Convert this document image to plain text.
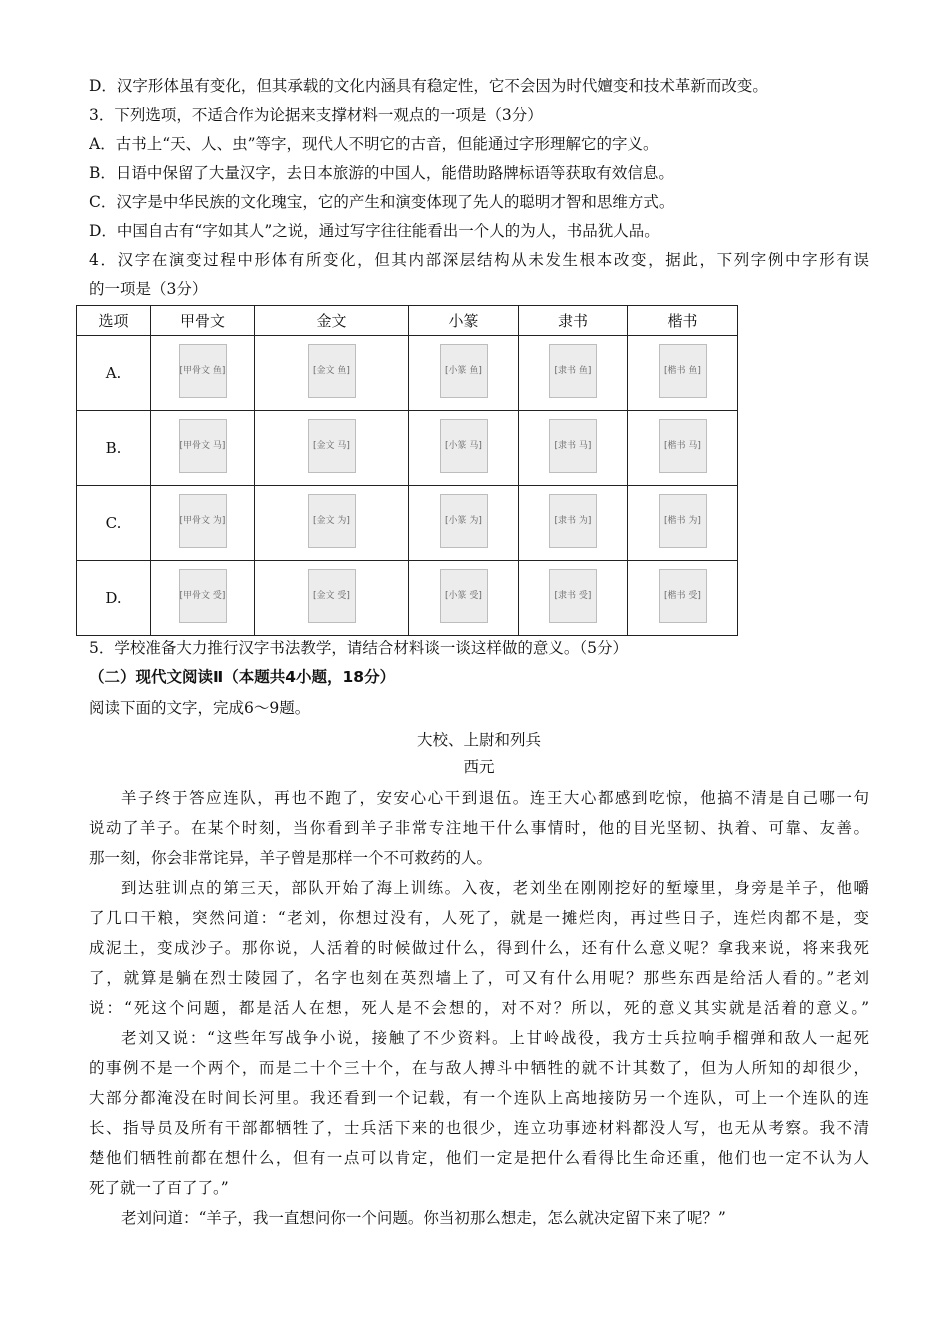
D．汉字形体虽有变化，但其承载的文化内涵具有稳定性，它不会因为时代嬗变和技术革新而改变。
3．下列选项，不适合作为论据来支撑材料一观点的一项是（3分）
A．古书上“天、人、虫”等字，现代人不明它的古音，但能通过字形理解它的字义。
B．日语中保留了大量汉字，去日本旅游的中国人，能借助路牌标语等获取有效信息。
C．汉字是中华民族的文化瑰宝，它的产生和演变体现了先人的聪明才智和思维方式。
D．中国自古有“字如其人”之说，通过写字往往能看出一个人的为人，书品犹人品。
4．汉字在演变过程中形体有所变化，但其内部深层结构从未发生根本改变，据此，下列字例中字形有误
的一项是（3分）
选项	甲骨文	金文	小篆	隶书	楷书
A.	[甲骨文 鱼]	[金文 鱼]	[小篆 鱼]	[隶书 鱼]	[楷书 鱼]
B.	[甲骨文 马]	[金文 马]	[小篆 马]	[隶书 马]	[楷书 马]
C.	[甲骨文 为]	[金文 为]	[小篆 为]	[隶书 为]	[楷书 为]
D.	[甲骨文 受]	[金文 受]	[小篆 受]	[隶书 受]	[楷书 受]
5．学校准备大力推行汉字书法教学，请结合材料谈一谈这样做的意义。（5分）
（二）现代文阅读Ⅱ（本题共4小题，18分）
阅读下面的文字，完成6～9题。
大校、上尉和列兵
西元
羊子终于答应连队，再也不跑了，安安心心干到退伍。连王大心都感到吃惊，他搞不清是自己哪一句
说动了羊子。在某个时刻，当你看到羊子非常专注地干什么事情时，他的目光坚韧、执着、可靠、友善。
那一刻，你会非常诧异，羊子曾是那样一个不可救药的人。
到达驻训点的第三天，部队开始了海上训练。入夜，老刘坐在刚刚挖好的堑壕里，身旁是羊子，他嚼
了几口干粮，突然问道：“老刘，你想过没有，人死了，就是一摊烂肉，再过些日子，连烂肉都不是，变
成泥土，变成沙子。那你说，人活着的时候做过什么，得到什么，还有什么意义呢？拿我来说，将来我死
了，就算是躺在烈士陵园了，名字也刻在英烈墙上了，可又有什么用呢？那些东西是给活人看的。”老刘
说：“死这个问题，都是活人在想，死人是不会想的，对不对？所以，死的意义其实就是活着的意义。”
老刘又说：“这些年写战争小说，接触了不少资料。上甘岭战役，我方士兵拉响手榴弹和敌人一起死
的事例不是一个两个，而是二十个三十个，在与敌人搏斗中牺牲的就不计其数了，但为人所知的却很少，
大部分都淹没在时间长河里。我还看到一个记载，有一个连队上高地接防另一个连队，可上一个连队的连
长、指导员及所有干部都牺牲了，士兵活下来的也很少，连立功事迹材料都没人写，也无从考察。我不清
楚他们牺牲前都在想什么，但有一点可以肯定，他们一定是把什么看得比生命还重，他们也一定不认为人
死了就一了百了了。”
老刘问道：“羊子，我一直想问你一个问题。你当初那么想走，怎么就决定留下来了呢？”
